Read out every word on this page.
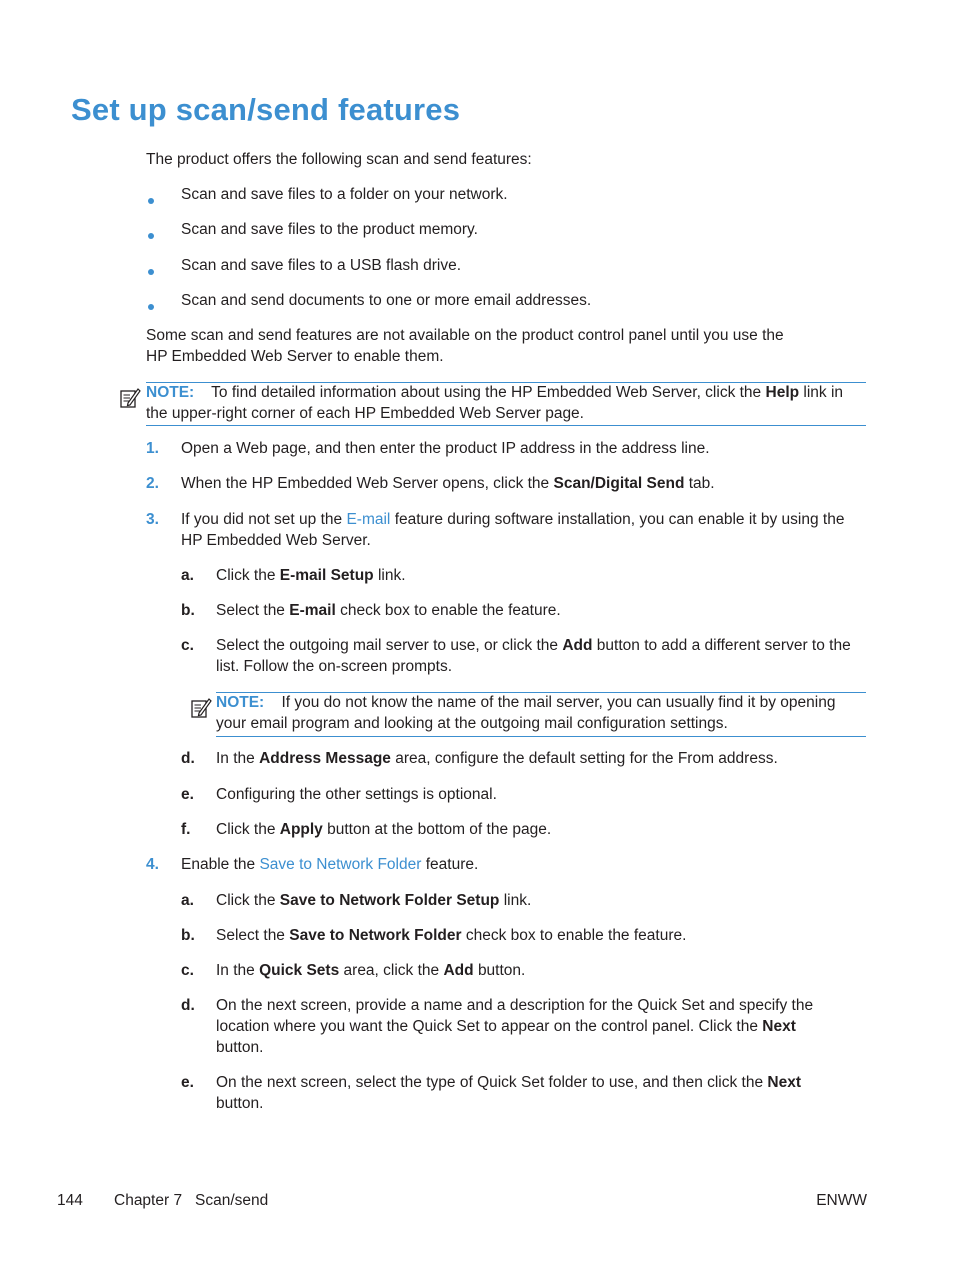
Set up scan/send features
The product offers the following scan and send features:
Scan and save files to a folder on your network.
Scan and save files to the product memory.
Scan and save files to a USB flash drive.
Scan and send documents to one or more email addresses.
Some scan and send features are not available on the product control panel until you use the
HP Embedded Web Server to enable them.
NOTE: To find detailed information about using the HP Embedded Web Server, click the Help link in
the upper-right corner of each HP Embedded Web Server page.
1. Open a Web page, and then enter the product IP address in the address line.
2. When the HP Embedded Web Server opens, click the Scan/Digital Send tab.
3. If you did not set up the E-mail feature during software installation, you can enable it by using the
HP Embedded Web Server.
a. Click the E-mail Setup link.
b. Select the E-mail check box to enable the feature.
c. Select the outgoing mail server to use, or click the Add button to add a different server to the
list. Follow the on-screen prompts.
NOTE: If you do not know the name of the mail server, you can usually find it by opening
your email program and looking at the outgoing mail configuration settings.
d. In the Address Message area, configure the default setting for the From address.
e. Configuring the other settings is optional.
f. Click the Apply button at the bottom of the page.
4. Enable the Save to Network Folder feature.
a. Click the Save to Network Folder Setup link.
b. Select the Save to Network Folder check box to enable the feature.
c. In the Quick Sets area, click the Add button.
d. On the next screen, provide a name and a description for the Quick Set and specify the
location where you want the Quick Set to appear on the control panel. Click the Next
button.
e. On the next screen, select the type of Quick Set folder to use, and then click the Next
button.
144 Chapter 7   Scan/send	ENWW
